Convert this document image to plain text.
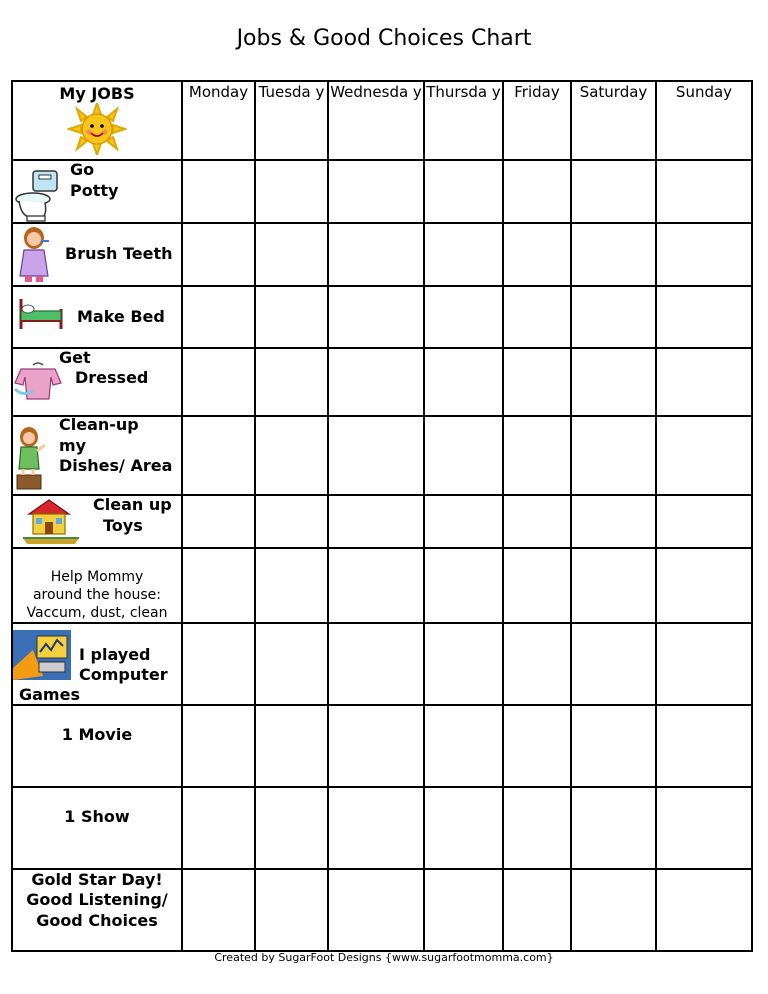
Jobs & Good Choices Chart
My JOBS	Monday	Tuesda y	Wednesda y	Thursda y	Friday	Saturday	Sunday

Go
Potty							

Brush Teeth							

Make Bed							

Get
Dressed							

Clean-up
my
Dishes/ Area							

Clean up
Toys							

Help Mommy
around the house:
Vaccum, dust, clean							

I played
Computer
Games							

1 Movie							

1 Show							

Gold Star Day!
Good Listening/
Good Choices							

Created by SugarFoot Designs {www.sugarfootmomma.com}
